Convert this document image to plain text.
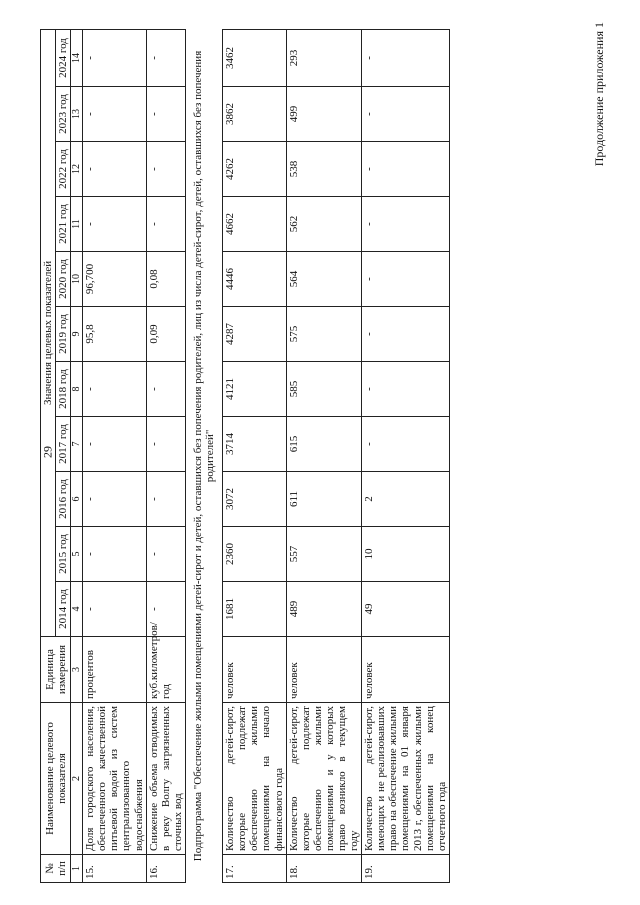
29
Продолжение приложения 1
№ п/п	Наименование целевого показателя	Единица измерения	Значения целевых показателей										
			2014 год	2015 год	2016 год	2017 год	2018 год	2019 год	2020 год	2021 год	2022 год	2023 год	2024 год
1	2	3	4	5	6	7	8	9	10	11	12	13	14
15.	Доля городского населения, обеспеченного качественной питьевой водой из систем централизованного водоснабжения	процентов	-	-	-	-	-	95,8	96,700	-	-	-	-
16.	Снижение объема отводимых в реку Волгу загрязненных сточных вод	куб.километров/год	-	-	-	-	-	0,09	0,08	-	-	-	-
Подпрограмма "Обеспечение жилыми помещениями детей-сирот и детей, оставшихся без попечения родителей, лиц из числа детей-сирот, детей, оставшихся без попечения родителей"													
17.	Количество детей-сирот, которые подлежат обеспечению жилыми помещениями на начало финансового года	человек	1681	2360	3072	3714	4121	4287	4446	4662	4262	3862	3462
18.	Количество детей-сирот, которые подлежат обеспечению жилыми помещениями и у которых право возникло в текущем году	человек	489	557	611	615	585	575	564	562	538	499	293
19.	Количество детей-сирот, имеющих и не реализовавших право на обеспечение жилыми помещениями на 01 января 2013 г, обеспеченных жилыми помещениями на конец отчетного года	человек	49	10	2	-	-	-	-	-	-	-	-
